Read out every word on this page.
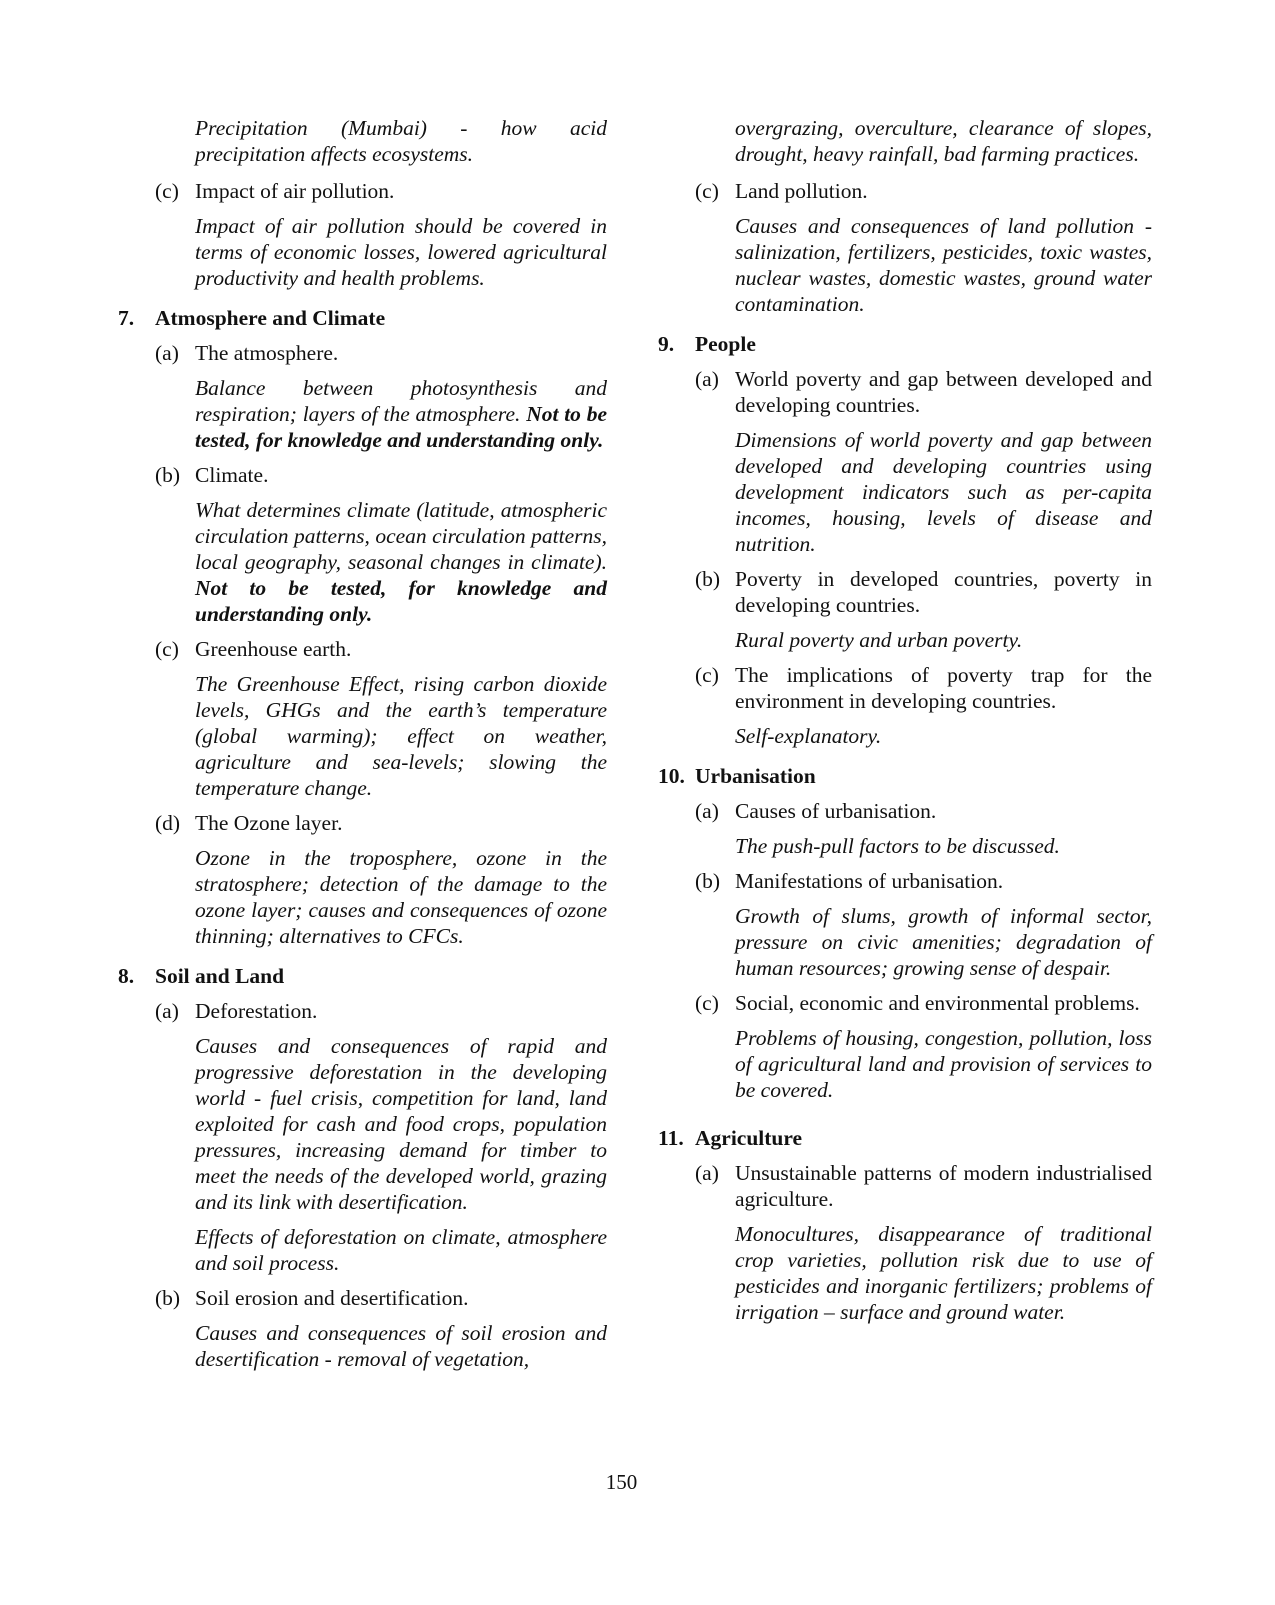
Precipitation (Mumbai) - how acid precipitation affects ecosystems.

(c) Impact of air pollution.

Impact of air pollution should be covered in terms of economic losses, lowered agricultural productivity and health problems.

7. Atmosphere and Climate
(a) The atmosphere.

Balance between photosynthesis and respiration; layers of the atmosphere. Not to be tested, for knowledge and understanding only.

(b) Climate.

What determines climate (latitude, atmospheric circulation patterns, ocean circulation patterns, local geography, seasonal changes in climate). Not to be tested, for knowledge and understanding only.

(c) Greenhouse earth.

The Greenhouse Effect, rising carbon dioxide levels, GHGs and the earth’s temperature (global warming); effect on weather, agriculture and sea-levels; slowing the temperature change.

(d) The Ozone layer.

Ozone in the troposphere, ozone in the stratosphere; detection of the damage to the ozone layer; causes and consequences of ozone thinning; alternatives to CFCs.

8. Soil and Land
(a) Deforestation.

Causes and consequences of rapid and progressive deforestation in the developing world - fuel crisis, competition for land, land exploited for cash and food crops, population pressures, increasing demand for timber to meet the needs of the developed world, grazing and its link with desertification.

Effects of deforestation on climate, atmosphere and soil process.

(b) Soil erosion and desertification.

Causes and consequences of soil erosion and desertification - removal of vegetation,

overgrazing, overculture, clearance of slopes, drought, heavy rainfall, bad farming practices.

(c) Land pollution.

Causes and consequences of land pollution - salinization, fertilizers, pesticides, toxic wastes, nuclear wastes, domestic wastes, ground water contamination.

9. People
(a) World poverty and gap between developed and developing countries.

Dimensions of world poverty and gap between developed and developing countries using development indicators such as per-capita incomes, housing, levels of disease and nutrition.

(b) Poverty in developed countries, poverty in developing countries.

Rural poverty and urban poverty.

(c) The implications of poverty trap for the environment in developing countries.

Self-explanatory.

10. Urbanisation
(a) Causes of urbanisation.

The push-pull factors to be discussed.

(b) Manifestations of urbanisation.

Growth of slums, growth of informal sector, pressure on civic amenities; degradation of human resources; growing sense of despair.

(c) Social, economic and environmental problems.

Problems of housing, congestion, pollution, loss of agricultural land and provision of services to be covered.

11. Agriculture
(a) Unsustainable patterns of modern industrialised agriculture.

Monocultures, disappearance of traditional crop varieties, pollution risk due to use of pesticides and inorganic fertilizers; problems of irrigation – surface and ground water.

150
